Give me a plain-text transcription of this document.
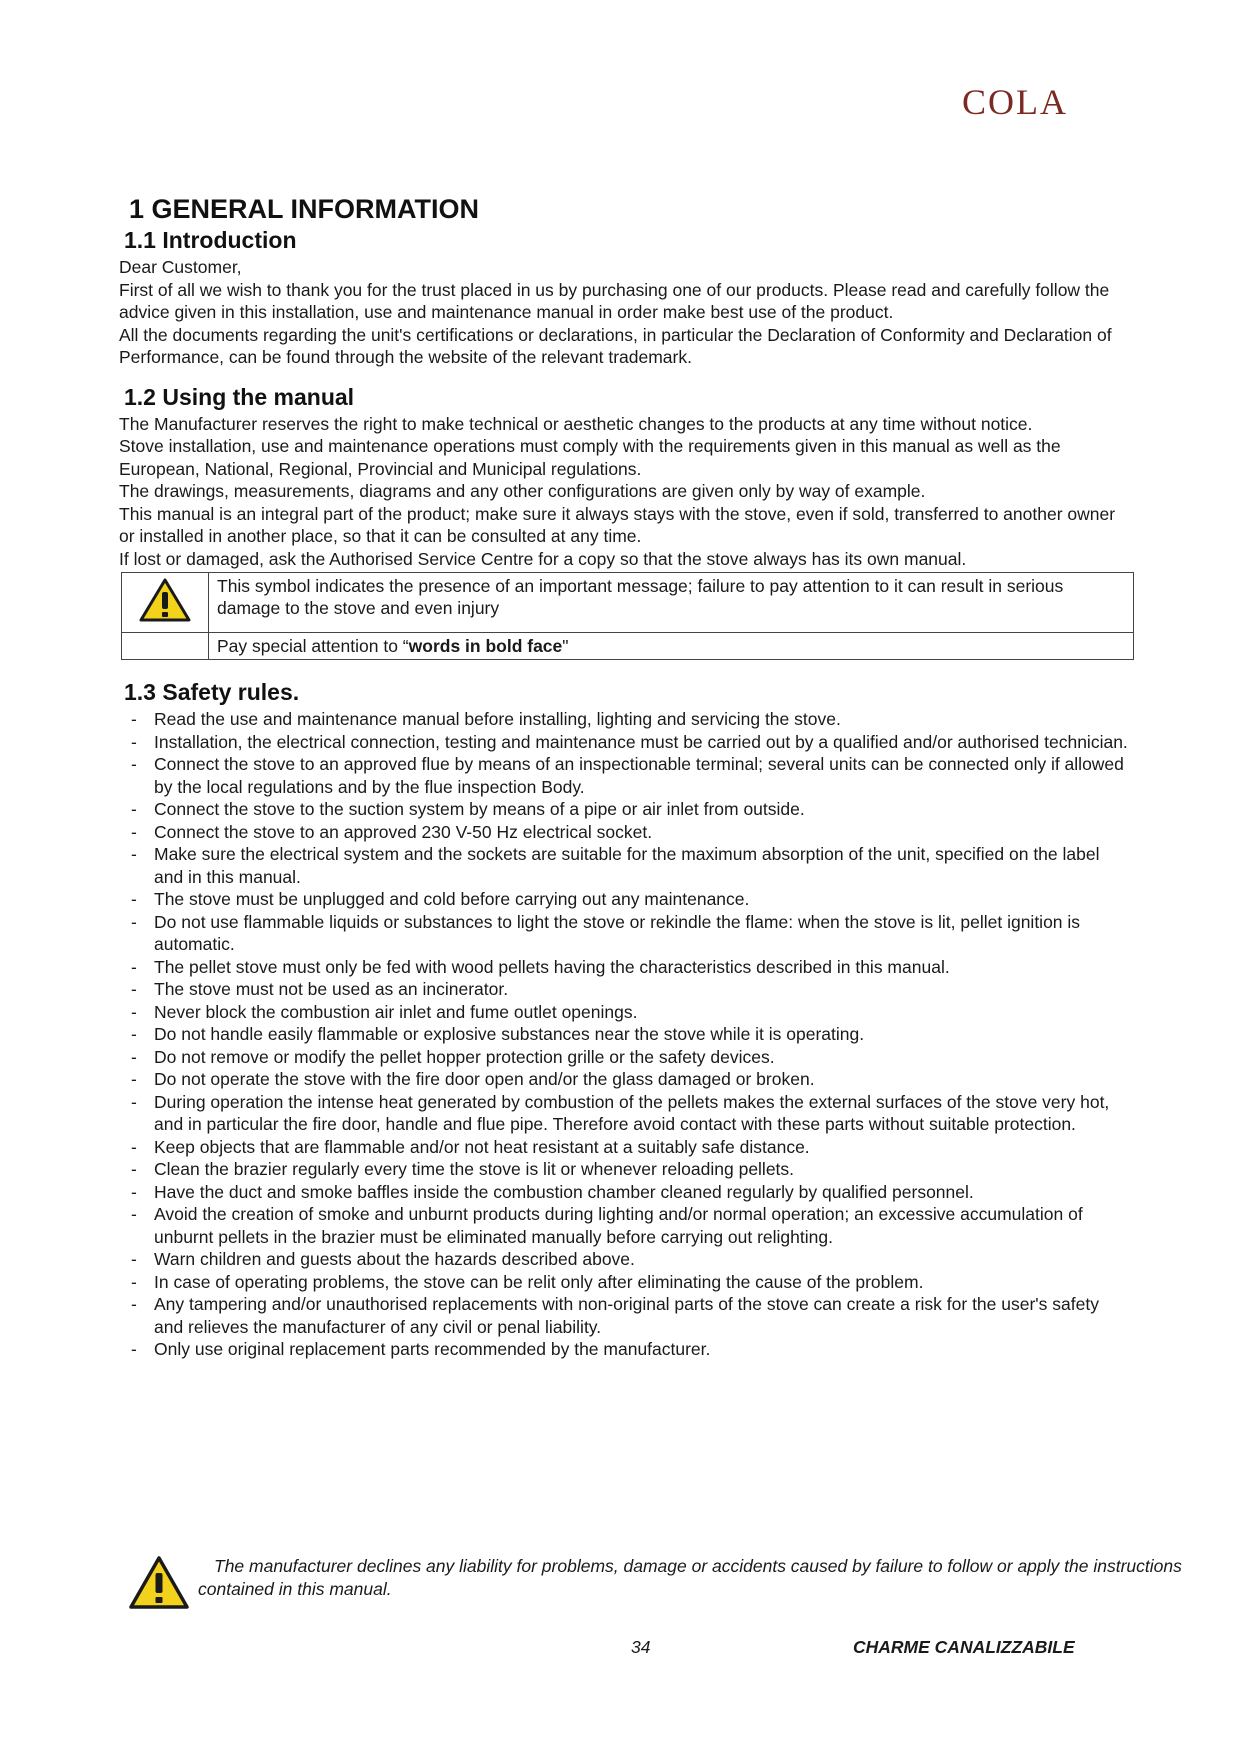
COLA
1 GENERAL INFORMATION
1.1 Introduction

Dear Customer,

First of all we wish to thank you for the trust placed in us by purchasing one of our products. Please read and carefully follow the advice given in this installation, use and maintenance manual in order make best use of the product.

All the documents regarding the unit's certifications or declarations, in particular the Declaration of Conformity and Declaration of Performance, can be found through the website of the relevant trademark.

1.2 Using the manual

The Manufacturer reserves the right to make technical or aesthetic changes to the products at any time without notice.

Stove installation, use and maintenance operations must comply with the requirements given in this manual as well as the European, National, Regional, Provincial and Municipal regulations.

The drawings, measurements, diagrams and any other configurations are given only by way of example.

This manual is an integral part of the product; make sure it always stays with the stove, even if sold, transferred to another owner or installed in another place, so that it can be consulted at any time.

If lost or damaged, ask the Authorised Service Centre for a copy so that the stove always has its own manual.

	This symbol indicates the presence of an important message; failure to pay attention to it can result in serious damage to the stove and even injury
	Pay special attention to “words in bold face"
1.3 Safety rules.
- Read the use and maintenance manual before installing, lighting and servicing the stove.
- Installation, the electrical connection, testing and maintenance must be carried out by a qualified and/or authorised technician.
- Connect the stove to an approved flue by means of an inspectionable terminal; several units can be connected only if allowed by the local regulations and by the flue inspection Body.
- Connect the stove to the suction system by means of a pipe or air inlet from outside.
- Connect the stove to an approved 230 V-50 Hz electrical socket.
- Make sure the electrical system and the sockets are suitable for the maximum absorption of the unit, specified on the label and in this manual.
- The stove must be unplugged and cold before carrying out any maintenance.
- Do not use flammable liquids or substances to light the stove or rekindle the flame: when the stove is lit, pellet ignition is automatic.
- The pellet stove must only be fed with wood pellets having the characteristics described in this manual.
- The stove must not be used as an incinerator.
- Never block the combustion air inlet and fume outlet openings.
- Do not handle easily flammable or explosive substances near the stove while it is operating.
- Do not remove or modify the pellet hopper protection grille or the safety devices.
- Do not operate the stove with the fire door open and/or the glass damaged or broken.
- During operation the intense heat generated by combustion of the pellets makes the external surfaces of the stove very hot, and in particular the fire door, handle and flue pipe. Therefore avoid contact with these parts without suitable protection.
- Keep objects that are flammable and/or not heat resistant at a suitably safe distance.
- Clean the brazier regularly every time the stove is lit or whenever reloading pellets.
- Have the duct and smoke baffles inside the combustion chamber cleaned regularly by qualified personnel.
- Avoid the creation of smoke and unburnt products during lighting and/or normal operation; an excessive accumulation of unburnt pellets in the brazier must be eliminated manually before carrying out relighting.
- Warn children and guests about the hazards described above.
- In case of operating problems, the stove can be relit only after eliminating the cause of the problem.
- Any tampering and/or unauthorised replacements with non-original parts of the stove can create a risk for the user's safety and relieves the manufacturer of any civil or penal liability.
- Only use original replacement parts recommended by the manufacturer.
The manufacturer declines any liability for problems, damage or accidents caused by failure to follow or apply the instructions contained in this manual.
34	CHARME CANALIZZABILE
